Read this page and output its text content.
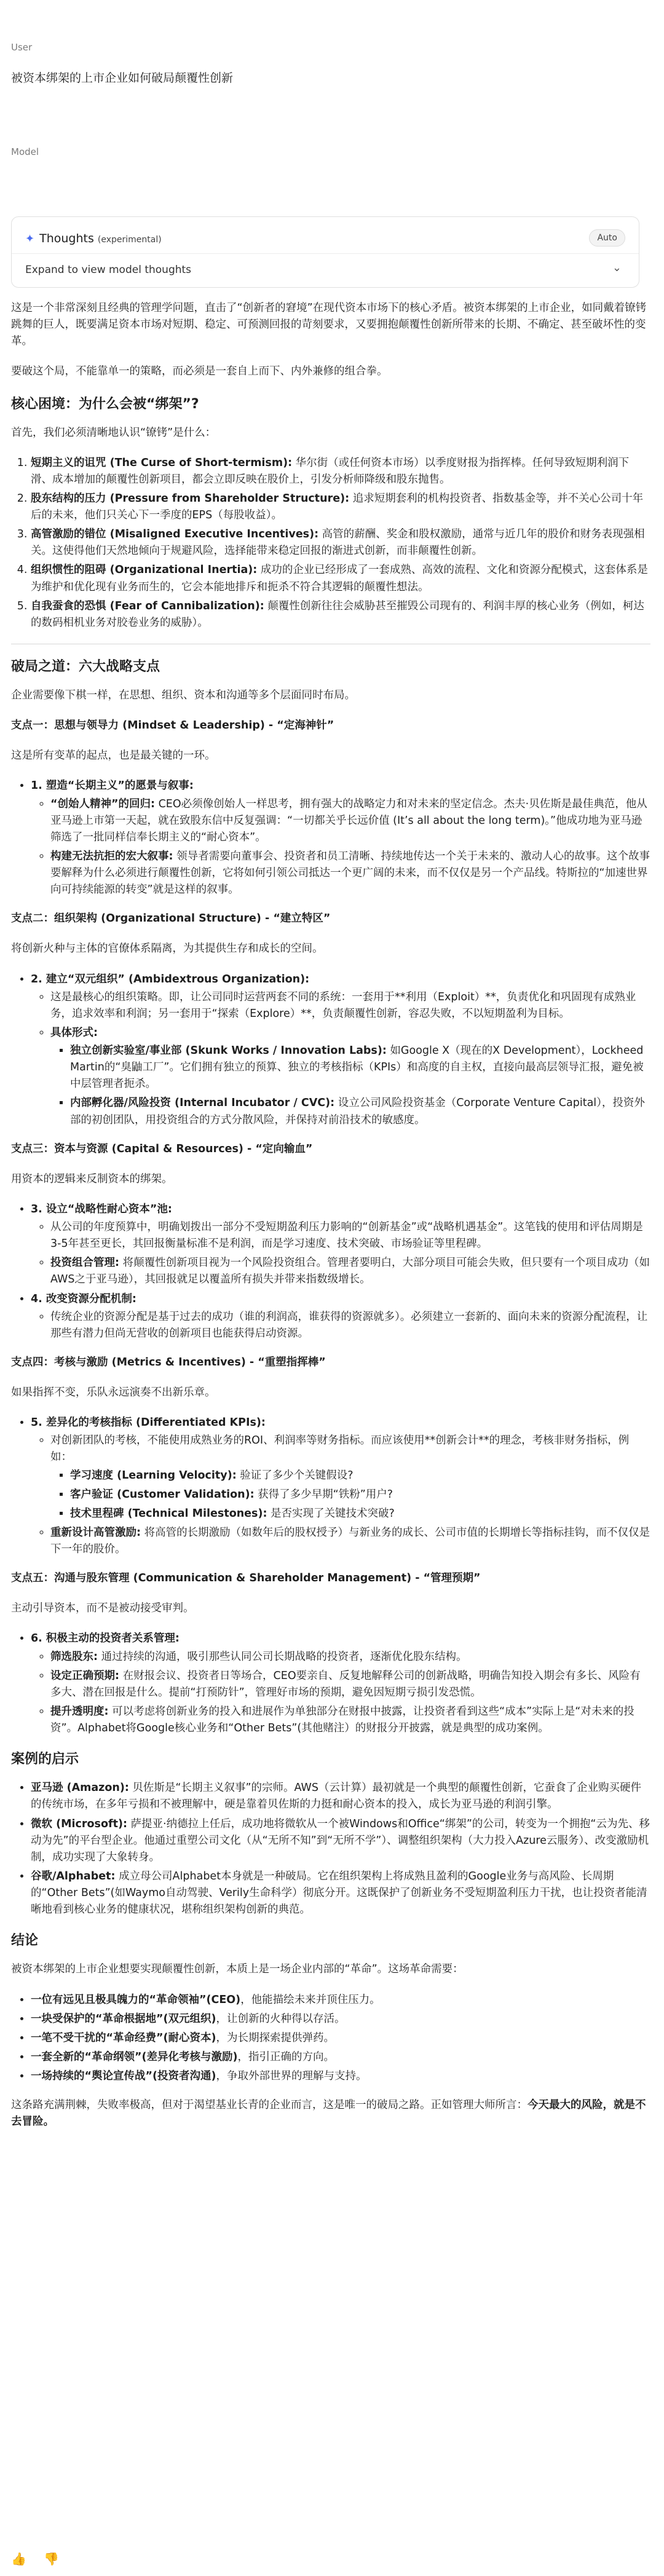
User
被资本绑架的上市企业如何破局颠覆性创新
Model
✦ Thoughts (experimental)	Auto
Expand to view model thoughts	⌄

这是一个非常深刻且经典的管理学问题，直击了“创新者的窘境”在现代资本市场下的核心矛盾。被资本绑架的上市企业，如同戴着镣铐跳舞的巨人，既要满足资本市场对短期、稳定、可预测回报的苛刻要求，又要拥抱颠覆性创新所带来的长期、不确定、甚至破坏性的变革。

要破这个局，不能靠单一的策略，而必须是一套自上而下、内外兼修的组合拳。

核心困境：为什么会被“绑架”?

首先，我们必须清晰地认识“镣铐”是什么：

1. 短期主义的诅咒 (The Curse of Short-termism): 华尔街（或任何资本市场）以季度财报为指挥棒。任何导致短期利润下滑、成本增加的颠覆性创新项目，都会立即反映在股价上，引发分析师降级和股东抛售。
2. 股东结构的压力 (Pressure from Shareholder Structure): 追求短期套利的机构投资者、指数基金等，并不关心公司十年后的未来，他们只关心下一季度的EPS（每股收益）。
3. 高管激励的错位 (Misaligned Executive Incentives): 高管的薪酬、奖金和股权激励，通常与近几年的股价和财务表现强相关。这使得他们天然地倾向于规避风险，选择能带来稳定回报的渐进式创新，而非颠覆性创新。
4. 组织惯性的阻碍 (Organizational Inertia): 成功的企业已经形成了一套成熟、高效的流程、文化和资源分配模式，这套体系是为维护和优化现有业务而生的，它会本能地排斥和扼杀不符合其逻辑的颠覆性想法。
5. 自我蚕食的恐惧 (Fear of Cannibalization): 颠覆性创新往往会威胁甚至摧毁公司现有的、利润丰厚的核心业务（例如，柯达的数码相机业务对胶卷业务的威胁）。
破局之道：六大战略支点

企业需要像下棋一样，在思想、组织、资本和沟通等多个层面同时布局。

支点一：思想与领导力 (Mindset & Leadership) - “定海神针”

这是所有变革的起点，也是最关键的一环。

• 1. 塑造“长期主义”的愿景与叙事:
◦ “创始人精神”的回归: CEO必须像创始人一样思考，拥有强大的战略定力和对未来的坚定信念。杰夫·贝佐斯是最佳典范，他从亚马逊上市第一天起，就在致股东信中反复强调：“一切都关乎长远价值 (It’s all about the long term)。”他成功地为亚马逊筛选了一批同样信奉长期主义的“耐心资本”。
◦ 构建无法抗拒的宏大叙事: 领导者需要向董事会、投资者和员工清晰、持续地传达一个关于未来的、激动人心的故事。这个故事要解释为什么必须进行颠覆性创新，它将如何引领公司抵达一个更广阔的未来，而不仅仅是另一个产品线。特斯拉的“加速世界向可持续能源的转变”就是这样的叙事。

支点二：组织架构 (Organizational Structure) - “建立特区”

将创新火种与主体的官僚体系隔离，为其提供生存和成长的空间。

• 2. 建立“双元组织” (Ambidextrous Organization):
◦ 这是最核心的组织策略。即，让公司同时运营两套不同的系统：一套用于**利用（Exploit）**，负责优化和巩固现有成熟业务，追求效率和利润；另一套用于“探索（Explore）**，负责颠覆性创新，容忍失败，不以短期盈利为目标。
◦ 具体形式:
▪ 独立创新实验室/事业部 (Skunk Works / Innovation Labs): 如Google X（现在的X Development），Lockheed Martin的“臭鼬工厂”。它们拥有独立的预算、独立的考核指标（KPIs）和高度的自主权，直接向最高层领导汇报，避免被中层管理者扼杀。
▪ 内部孵化器/风险投资 (Internal Incubator / CVC): 设立公司风险投资基金（Corporate Venture Capital），投资外部的初创团队，用投资组合的方式分散风险，并保持对前沿技术的敏感度。

支点三：资本与资源 (Capital & Resources) - “定向输血”

用资本的逻辑来反制资本的绑架。

• 3. 设立“战略性耐心资本”池:
◦ 从公司的年度预算中，明确划拨出一部分不受短期盈利压力影响的“创新基金”或“战略机遇基金”。这笔钱的使用和评估周期是3-5年甚至更长，其回报衡量标准不是利润，而是学习速度、技术突破、市场验证等里程碑。
◦ 投资组合管理: 将颠覆性创新项目视为一个风险投资组合。管理者要明白，大部分项目可能会失败，但只要有一个项目成功（如AWS之于亚马逊），其回报就足以覆盖所有损失并带来指数级增长。
• 4. 改变资源分配机制:
◦ 传统企业的资源分配是基于过去的成功（谁的利润高，谁获得的资源就多）。必须建立一套新的、面向未来的资源分配流程，让那些有潜力但尚无营收的创新项目也能获得启动资源。

支点四：考核与激励 (Metrics & Incentives) - “重塑指挥棒”

如果指挥不变，乐队永远演奏不出新乐章。

• 5. 差异化的考核指标 (Differentiated KPIs):
◦ 对创新团队的考核，不能使用成熟业务的ROI、利润率等财务指标。而应该使用**创新会计**的理念，考核非财务指标，例如：
▪ 学习速度 (Learning Velocity): 验证了多少个关键假设?
▪ 客户验证 (Customer Validation): 获得了多少早期“铁粉”用户?
▪ 技术里程碑 (Technical Milestones): 是否实现了关键技术突破?
◦ 重新设计高管激励: 将高管的长期激励（如数年后的股权授予）与新业务的成长、公司市值的长期增长等指标挂钩，而不仅仅是下一年的股价。

支点五：沟通与股东管理 (Communication & Shareholder Management) - “管理预期”

主动引导资本，而不是被动接受审判。

• 6. 积极主动的投资者关系管理:
◦ 筛选股东: 通过持续的沟通，吸引那些认同公司长期战略的投资者，逐渐优化股东结构。
◦ 设定正确预期: 在财报会议、投资者日等场合，CEO要亲自、反复地解释公司的创新战略，明确告知投入期会有多长、风险有多大、潜在回报是什么。提前“打预防针”，管理好市场的预期，避免因短期亏损引发恐慌。
◦ 提升透明度: 可以考虑将创新业务的投入和进展作为单独部分在财报中披露，让投资者看到这些“成本”实际上是“对未来的投资”。Alphabet将Google核心业务和“Other Bets”(其他赌注）的财报分开披露，就是典型的成功案例。
案例的启示
• 亚马逊 (Amazon): 贝佐斯是“长期主义叙事”的宗师。AWS（云计算）最初就是一个典型的颠覆性创新，它蚕食了企业购买硬件的传统市场，在多年亏损和不被理解中，硬是靠着贝佐斯的力挺和耐心资本的投入，成长为亚马逊的利润引擎。
• 微软 (Microsoft): 萨提亚·纳德拉上任后，成功地将微软从一个被Windows和Office“绑架”的公司，转变为一个拥抱“云为先、移动为先”的平台型企业。他通过重塑公司文化（从“无所不知”到“无所不学”）、调整组织架构（大力投入Azure云服务）、改变激励机制，成功实现了大象转身。
• 谷歌/Alphabet: 成立母公司Alphabet本身就是一种破局。它在组织架构上将成熟且盈利的Google业务与高风险、长周期的“Other Bets”(如Waymo自动驾驶、Verily生命科学）彻底分开。这既保护了创新业务不受短期盈利压力干扰，也让投资者能清晰地看到核心业务的健康状况，堪称组织架构创新的典范。
结论

被资本绑架的上市企业想要实现颠覆性创新，本质上是一场企业内部的“革命”。这场革命需要：

• 一位有远见且极具魄力的“革命领袖”(CEO)，他能描绘未来并顶住压力。
• 一块受保护的“革命根据地”(双元组织)，让创新的火种得以存活。
• 一笔不受干扰的“革命经费”(耐心资本)，为长期探索提供弹药。
• 一套全新的“革命纲领”(差异化考核与激励)，指引正确的方向。
• 一场持续的“舆论宣传战”(投资者沟通)，争取外部世界的理解与支持。

这条路充满荆棘，失败率极高，但对于渴望基业长青的企业而言，这是唯一的破局之路。正如管理大师所言：今天最大的风险，就是不去冒险。

👍 👎
